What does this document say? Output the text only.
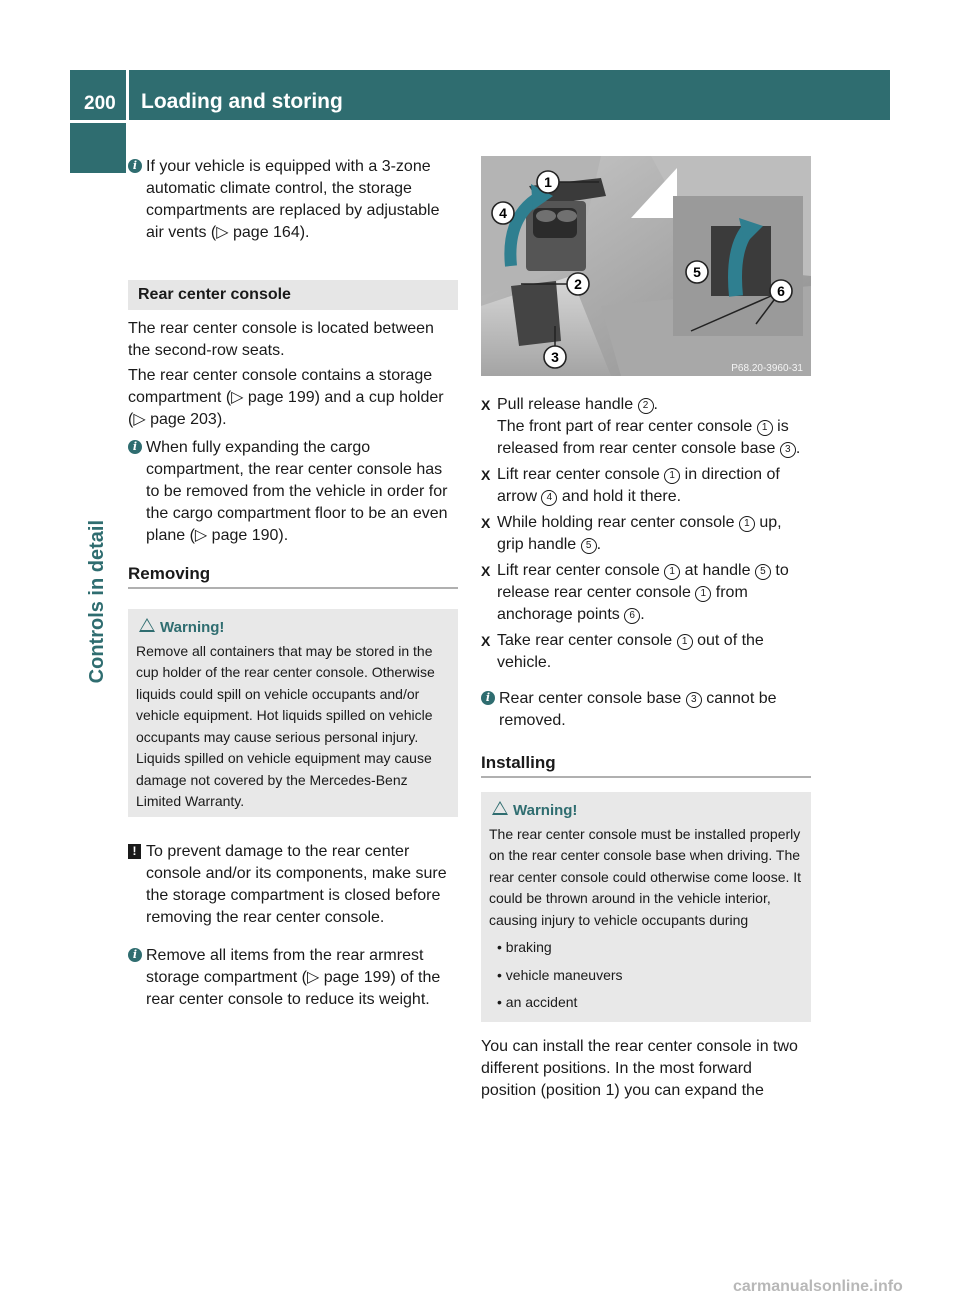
200	Loading and storing
Controls in detail

i If your vehicle is equipped with a 3-zone automatic climate control, the storage compartments are replaced by adjustable air vents (▷ page 164).

Rear center console

The rear center console is located between the second-row seats.

The rear center console contains a storage compartment (▷ page 199) and a cup holder (▷ page 203).

i When fully expanding the cargo compartment, the rear center console has to be removed from the vehicle in order for the cargo compartment floor to be an even plane (▷ page 190).

Removing

Warning!
Remove all containers that may be stored in the cup holder of the rear center console. Otherwise liquids could spill on vehicle occupants and/or vehicle equipment. Hot liquids spilled on vehicle occupants may cause serious personal injury. Liquids spilled on vehicle equipment may cause damage not covered by the Mercedes-Benz Limited Warranty.

! To prevent damage to the rear center console and/or its components, make sure the storage compartment is closed before removing the rear center console.

i Remove all items from the rear armrest storage compartment (▷ page 199) of the rear center console to reduce its weight.

1
2
3
4
5
6
P68.20-3960-31

X Pull release handle 2 .
The front part of rear center console 1 is released from rear center console base 3 .

X Lift rear center console 1 in direction of arrow 4 and hold it there.

X While holding rear center console 1 up, grip handle 5 .

X Lift rear center console 1 at handle 5 to release rear center console 1 from anchorage points 6 .

X Take rear center console 1 out of the vehicle.

i Rear center console base 3 cannot be removed.

Installing

Warning!
The rear center console must be installed properly on the rear center console base when driving. The rear center console could otherwise come loose. It could be thrown around in the vehicle interior, causing injury to vehicle occupants during
• braking
• vehicle maneuvers
• an accident

You can install the rear center console in two different positions. In the most forward position (position 1) you can expand the

carmanualsonline.info
